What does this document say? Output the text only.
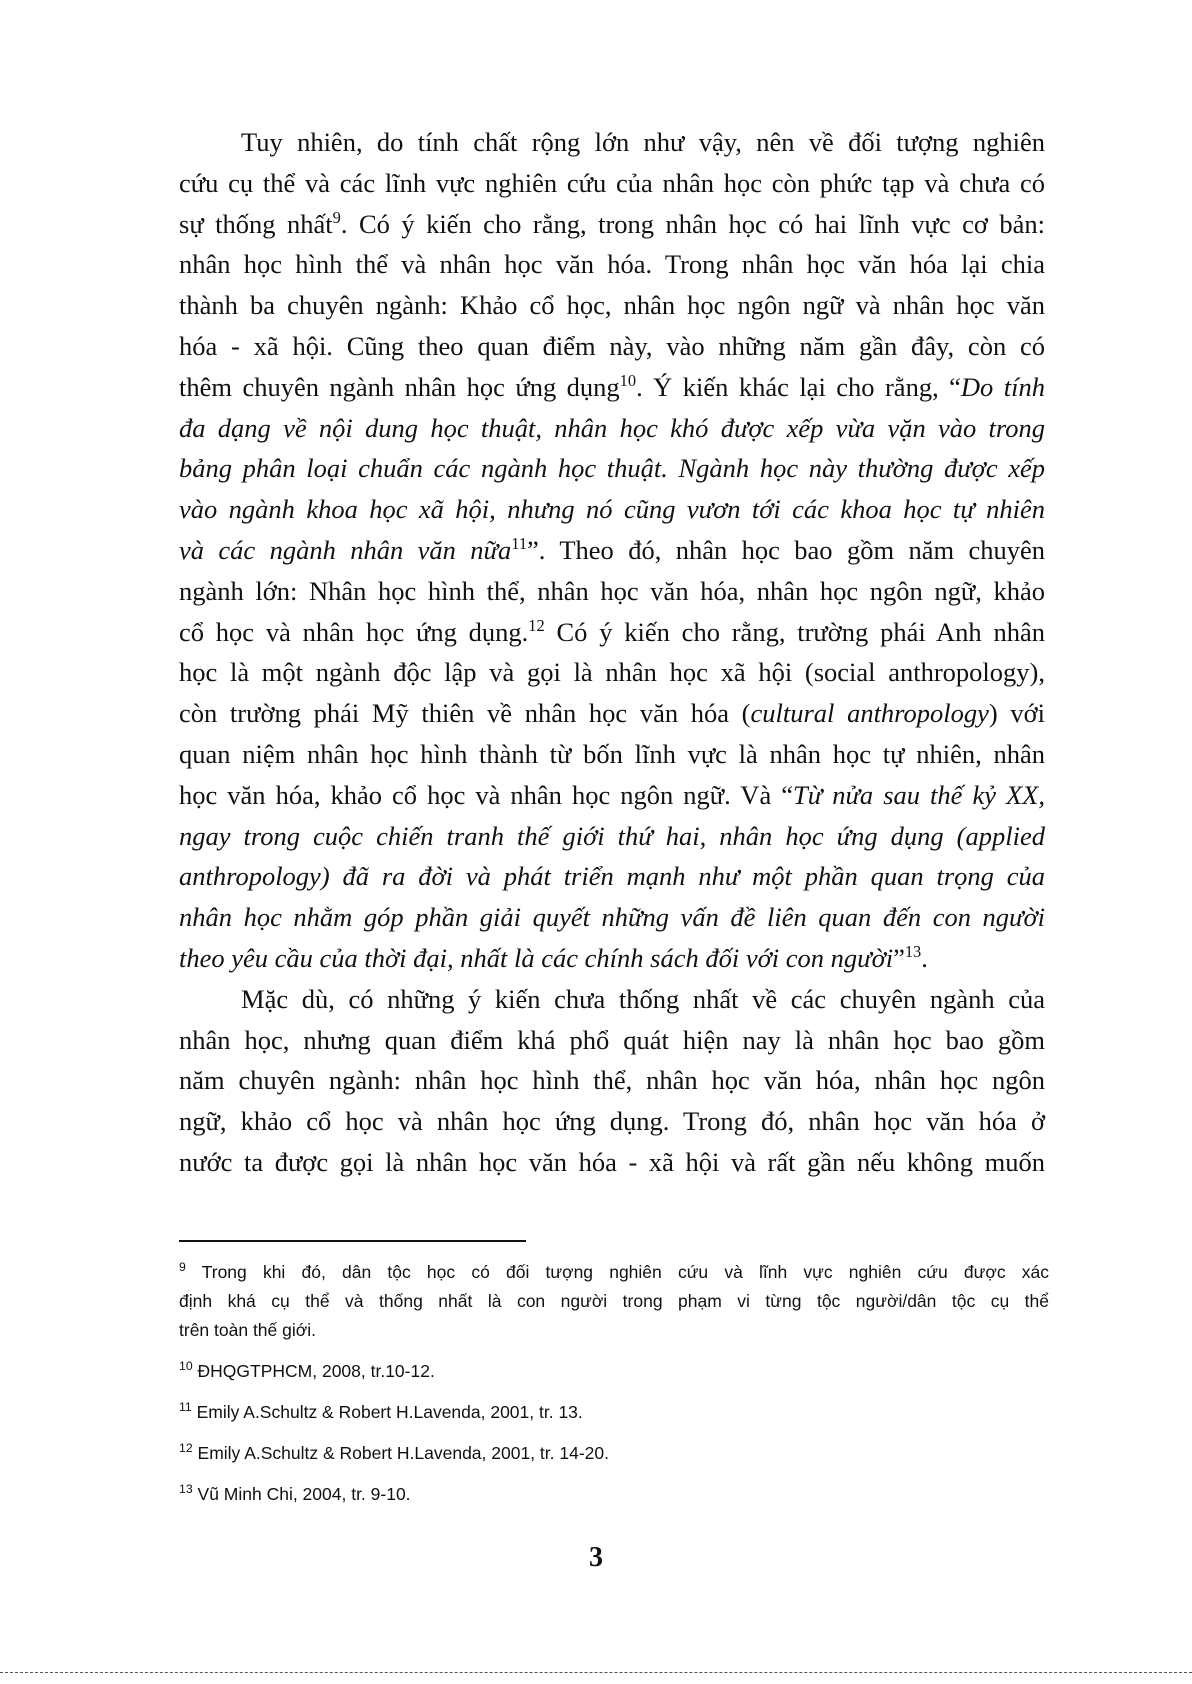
Tuy nhiên, do tính chất rộng lớn như vậy, nên về đối tượng nghiên
cứu cụ thể và các lĩnh vực nghiên cứu của nhân học còn phức tạp và chưa có
sự thống nhất$^9$. Có ý kiến cho rằng, trong nhân học có hai lĩnh vực cơ bản:
nhân học hình thể và nhân học văn hóa. Trong nhân học văn hóa lại chia
thành ba chuyên ngành: Khảo cổ học, nhân học ngôn ngữ và nhân học văn
hóa - xã hội. Cũng theo quan điểm này, vào những năm gần đây, còn có
thêm chuyên ngành nhân học ứng dụng$^{10}$. Ý kiến khác lại cho rằng, “Do tính
đa dạng về nội dung học thuật, nhân học khó được xếp vừa vặn vào trong
bảng phân loại chuẩn các ngành học thuật. Ngành học này thường được xếp
vào ngành khoa học xã hội, nhưng nó cũng vươn tới các khoa học tự nhiên
và các ngành nhân văn nữa$^{11}$”. Theo đó, nhân học bao gồm năm chuyên
ngành lớn: Nhân học hình thể, nhân học văn hóa, nhân học ngôn ngữ, khảo
cổ học và nhân học ứng dụng.$^{12}$ Có ý kiến cho rằng, trường phái Anh nhân
học là một ngành độc lập và gọi là nhân học xã hội (social anthropology),
còn trường phái Mỹ thiên về nhân học văn hóa (cultural anthropology) với
quan niệm nhân học hình thành từ bốn lĩnh vực là nhân học tự nhiên, nhân
học văn hóa, khảo cổ học và nhân học ngôn ngữ. Và “Từ nửa sau thế kỷ XX,
ngay trong cuộc chiến tranh thế giới thứ hai, nhân học ứng dụng (applied
anthropology) đã ra đời và phát triển mạnh như một phần quan trọng của
nhân học nhằm góp phần giải quyết những vấn đề liên quan đến con người
theo yêu cầu của thời đại, nhất là các chính sách đối với con người”$^{13}$.
Mặc dù, có những ý kiến chưa thống nhất về các chuyên ngành của
nhân học, nhưng quan điểm khá phổ quát hiện nay là nhân học bao gồm
năm chuyên ngành: nhân học hình thể, nhân học văn hóa, nhân học ngôn
ngữ, khảo cổ học và nhân học ứng dụng. Trong đó, nhân học văn hóa ở
nước ta được gọi là nhân học văn hóa - xã hội và rất gần nếu không muốn
$^9$ Trong khi đó, dân tộc học có đối tượng nghiên cứu và lĩnh vực nghiên cứu được xác
định khá cụ thể và thống nhất là con người trong phạm vi từng tộc người/dân tộc cụ thể
trên toàn thế giới.
$^{10}$ ĐHQGTPHCM, 2008, tr.10-12.
$^{11}$ Emily A.Schultz & Robert H.Lavenda, 2001, tr. 13.
$^{12}$ Emily A.Schultz & Robert H.Lavenda, 2001, tr. 14-20.
$^{13}$ Vũ Minh Chi, 2004, tr. 9-10.
3
